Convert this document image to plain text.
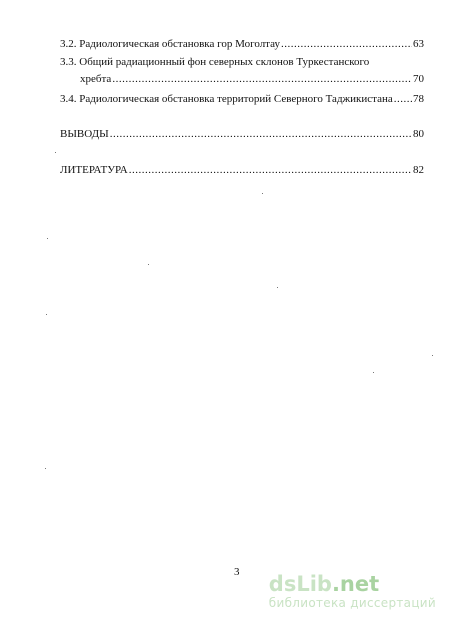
3.2. Радиологическая обстановка гор Моголтау .....	63
3.3. Общий радиационный фон северных склонов Туркестанского
хребта .....	70
3.4. Радиологическая обстановка территорий Северного Таджикистана ..... 78
ВЫВОДЫ .....	80
ЛИТЕРАТУРА .....	82
3 dsLib.net
библиотека диссертаций
